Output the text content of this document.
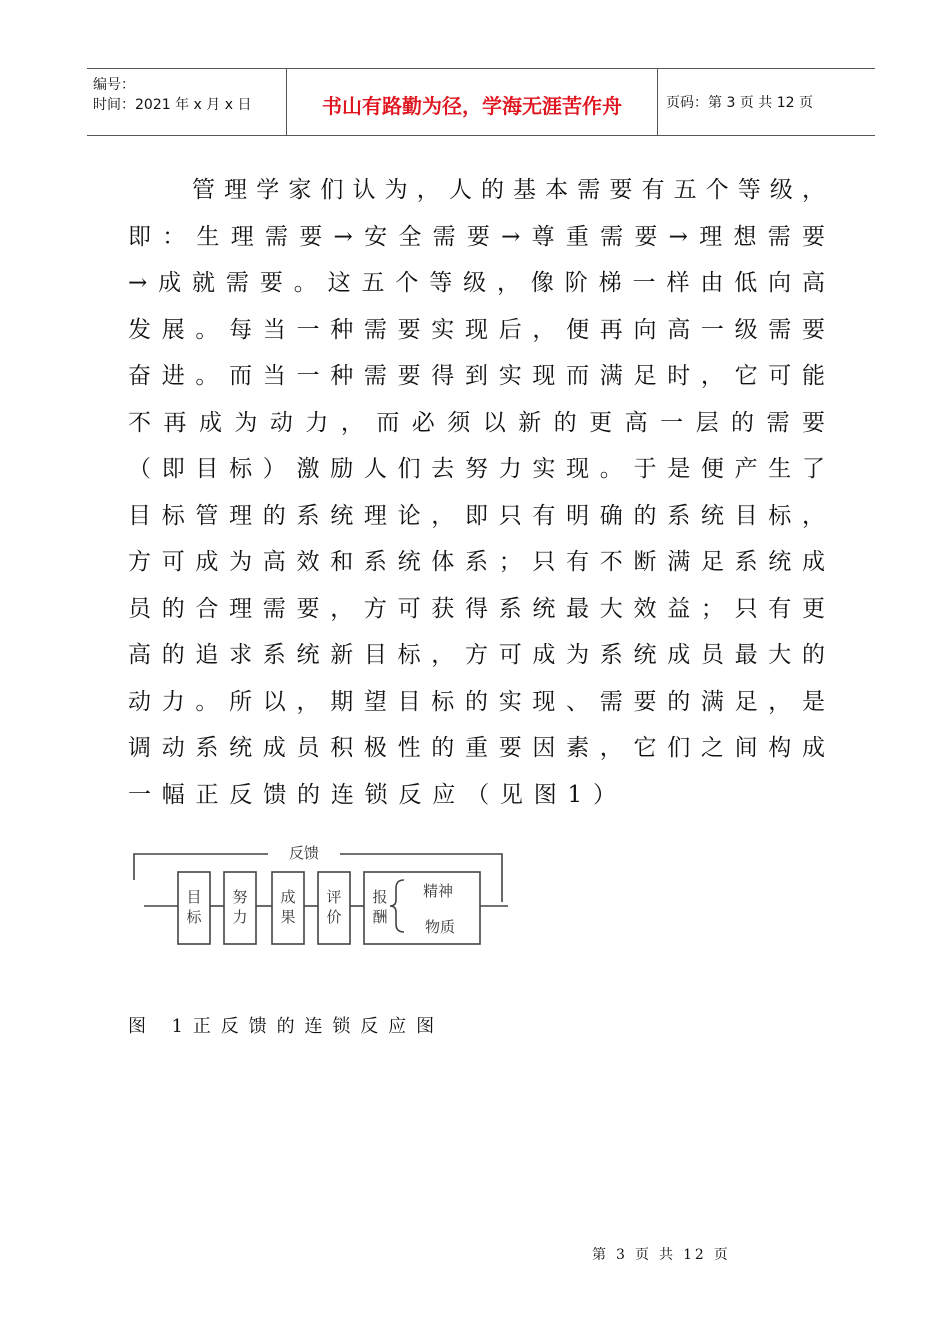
编号：
时间：2021 年 x 月 x 日	书山有路勤为径，学海无涯苦作舟	页码：第 3 页 共 12 页
管理学家们认为，人的基本需要有五个等级，
即：生理需要→安全需要→尊重需要→理想需要
→成就需要。这五个等级，像阶梯一样由低向高
发展。每当一种需要实现后，便再向高一级需要
奋进。而当一种需要得到实现而满足时，它可能
不再成为动力，而必须以新的更高一层的需要
（即目标）激励人们去努力实现。于是便产生了
目标管理的系统理论，即只有明确的系统目标，
方可成为高效和系统体系；只有不断满足系统成
员的合理需要，方可获得系统最大效益；只有更
高的追求系统新目标，方可成为系统成员最大的
动力。所以，期望目标的实现、需要的满足，是
调动系统成员积极性的重要因素，它们之间构成
一幅正反馈的连锁反应（见图1）
反馈
目
标
努
力
成
果
评
价
报
酬
精神
物质
图 1正反馈的连锁反应图
第 3 页 共 12 页
